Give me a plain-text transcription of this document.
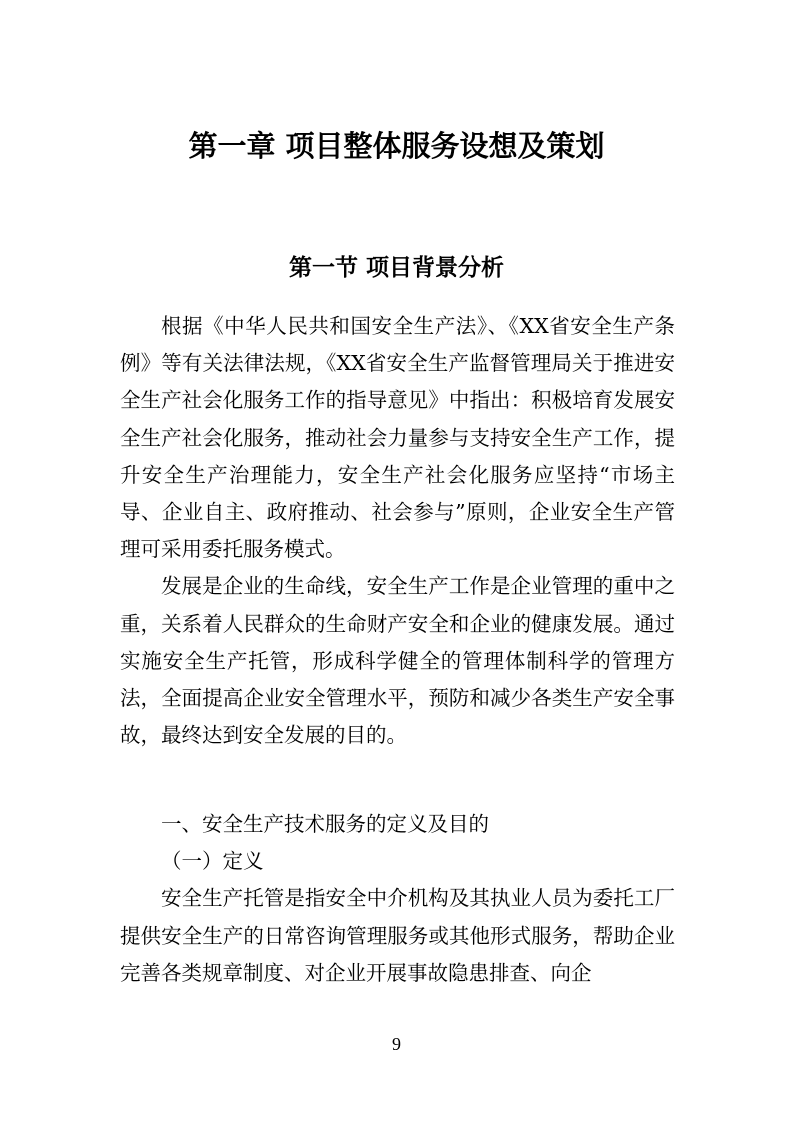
第一章 项目整体服务设想及策划
第一节 项目背景分析

根据《中华人民共和国安全生产法》、《XX省安全生产条例》等有关法律法规，《XX省安全生产监督管理局关于推进安全生产社会化服务工作的指导意见》中指出：积极培育发展安全生产社会化服务，推动社会力量参与支持安全生产工作，提升安全生产治理能力，安全生产社会化服务应坚持“市场主导、企业自主、政府推动、社会参与”原则，企业安全生产管理可采用委托服务模式。

发展是企业的生命线，安全生产工作是企业管理的重中之重，关系着人民群众的生命财产安全和企业的健康发展。通过实施安全生产托管，形成科学健全的管理体制科学的管理方法，全面提高企业安全管理水平，预防和减少各类生产安全事故，最终达到安全发展的目的。

一、安全生产技术服务的定义及目的
（一）定义

安全生产托管是指安全中介机构及其执业人员为委托工厂提供安全生产的日常咨询管理服务或其他形式服务，帮助企业完善各类规章制度、对企业开展事故隐患排查、向企

9
